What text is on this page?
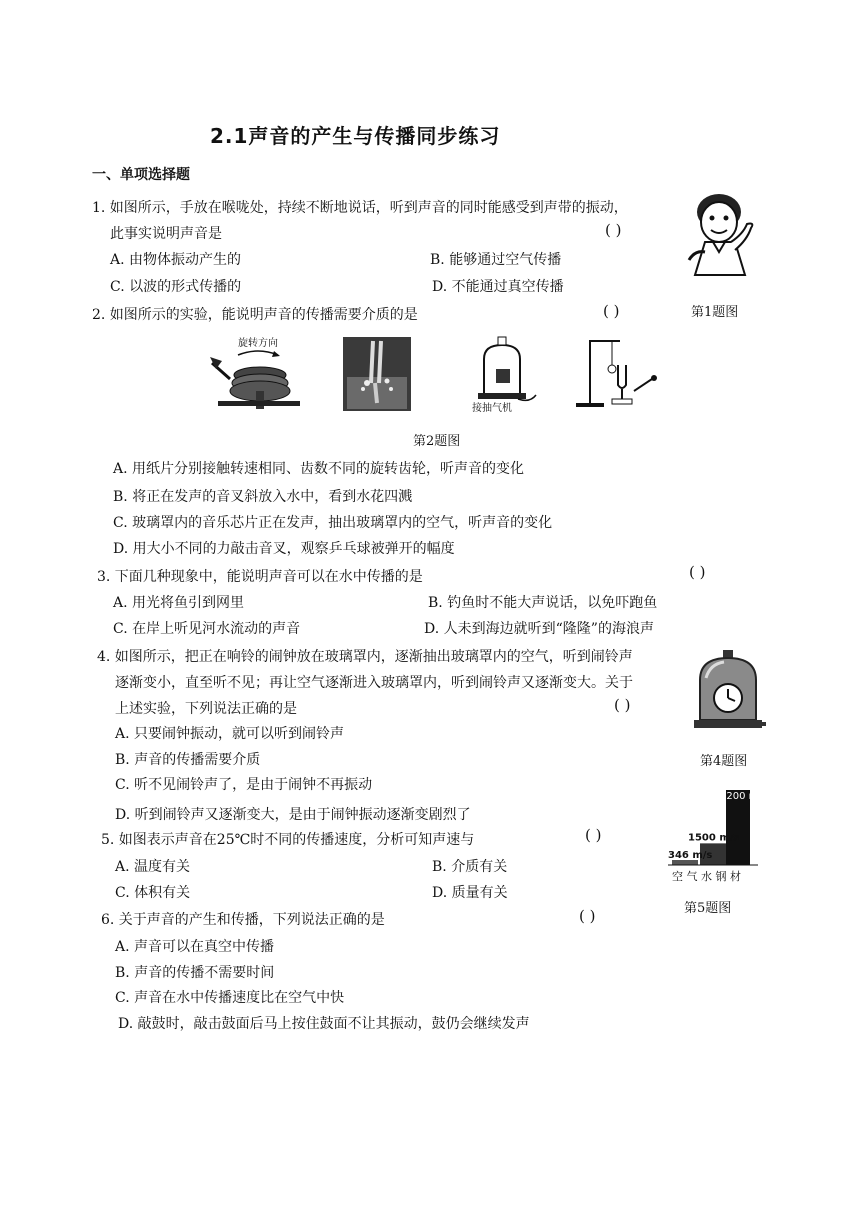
2.1声音的产生与传播同步练习
一、单项选择题
1. 如图所示，手放在喉咙处，持续不断地说话，听到声音的同时能感受到声带的振动，
此事实说明声音是	( )
A. 由物体振动产生的	B. 能够通过空气传播
C. 以波的形式传播的	D. 不能通过真空传播
第1题图
2. 如图所示的实验，能说明声音的传播需要介质的是	( )
旋转方向
接抽气机
第2题图
A. 用纸片分别接触转速相同、齿数不同的旋转齿轮，听声音的变化
B. 将正在发声的音叉斜放入水中，看到水花四溅
C. 玻璃罩内的音乐芯片正在发声，抽出玻璃罩内的空气，听声音的变化
D. 用大小不同的力敲击音叉，观察乒乓球被弹开的幅度
3. 下面几种现象中，能说明声音可以在水中传播的是	( )
A. 用光将鱼引到网里	B. 钓鱼时不能大声说话，以免吓跑鱼
C. 在岸上听见河水流动的声音	D. 人未到海边就听到“隆隆”的海浪声
4. 如图所示，把正在响铃的闹钟放在玻璃罩内，逐渐抽出玻璃罩内的空气，听到闹铃声
逐渐变小，直至听不见；再让空气逐渐进入玻璃罩内，听到闹铃声又逐渐变大。关于
上述实验，下列说法正确的是	( )
A. 只要闹钟振动，就可以听到闹铃声
B. 声音的传播需要介质
C. 听不见闹铃声了，是由于闹钟不再振动
D. 听到闹铃声又逐渐变大，是由于闹钟振动逐渐变剧烈了
第4题图
5. 如图表示声音在25℃时不同的传播速度，分析可知声速与	( )
A. 温度有关	B. 介质有关
C. 体积有关	D. 质量有关
346 m/s
1500 m/s
5200 m/s
空 气 水 钢 材
第5题图
6. 关于声音的产生和传播，下列说法正确的是	( )
A. 声音可以在真空中传播
B. 声音的传播不需要时间
C. 声音在水中传播速度比在空气中快
D. 敲鼓时，敲击鼓面后马上按住鼓面不让其振动，鼓仍会继续发声
